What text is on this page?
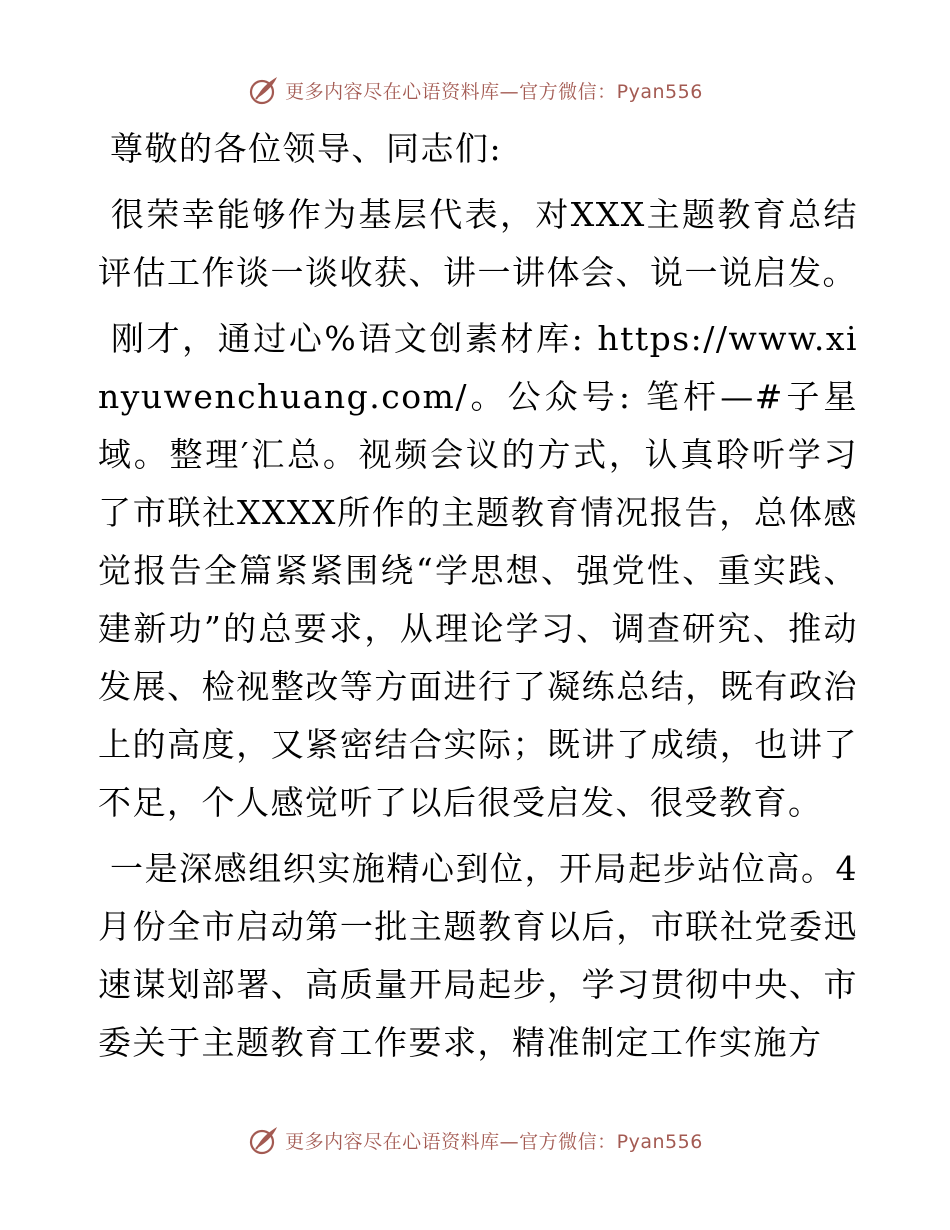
更多内容尽在心语资料库—官方微信：Pyan556

尊敬的各位领导、同志们:

很荣幸能够作为基层代表，对XXX主题教育总结评估工作谈一谈收获、讲一讲体会、说一说启发。

刚才，通过心%语文创素材库: https://www.xinyuwenchuang.com/。公众号: 笔杆—#子星域。整理′汇总。视频会议的方式，认真聆听学习了市联社XXXX所作的主题教育情况报告，总体感觉报告全篇紧紧围绕“学思想、强党性、重实践、建新功”的总要求，从理论学习、调查研究、推动发展、检视整改等方面进行了凝练总结，既有政治上的高度，又紧密结合实际；既讲了成绩，也讲了不足，个人感觉听了以后很受启发、很受教育。

一是深感组织实施精心到位，开局起步站位高。4月份全市启动第一批主题教育以后，市联社党委迅速谋划部署、高质量开局起步，学习贯彻中央、市委关于主题教育工作要求，精准制定工作实施方

更多内容尽在心语资料库—官方微信：Pyan556
